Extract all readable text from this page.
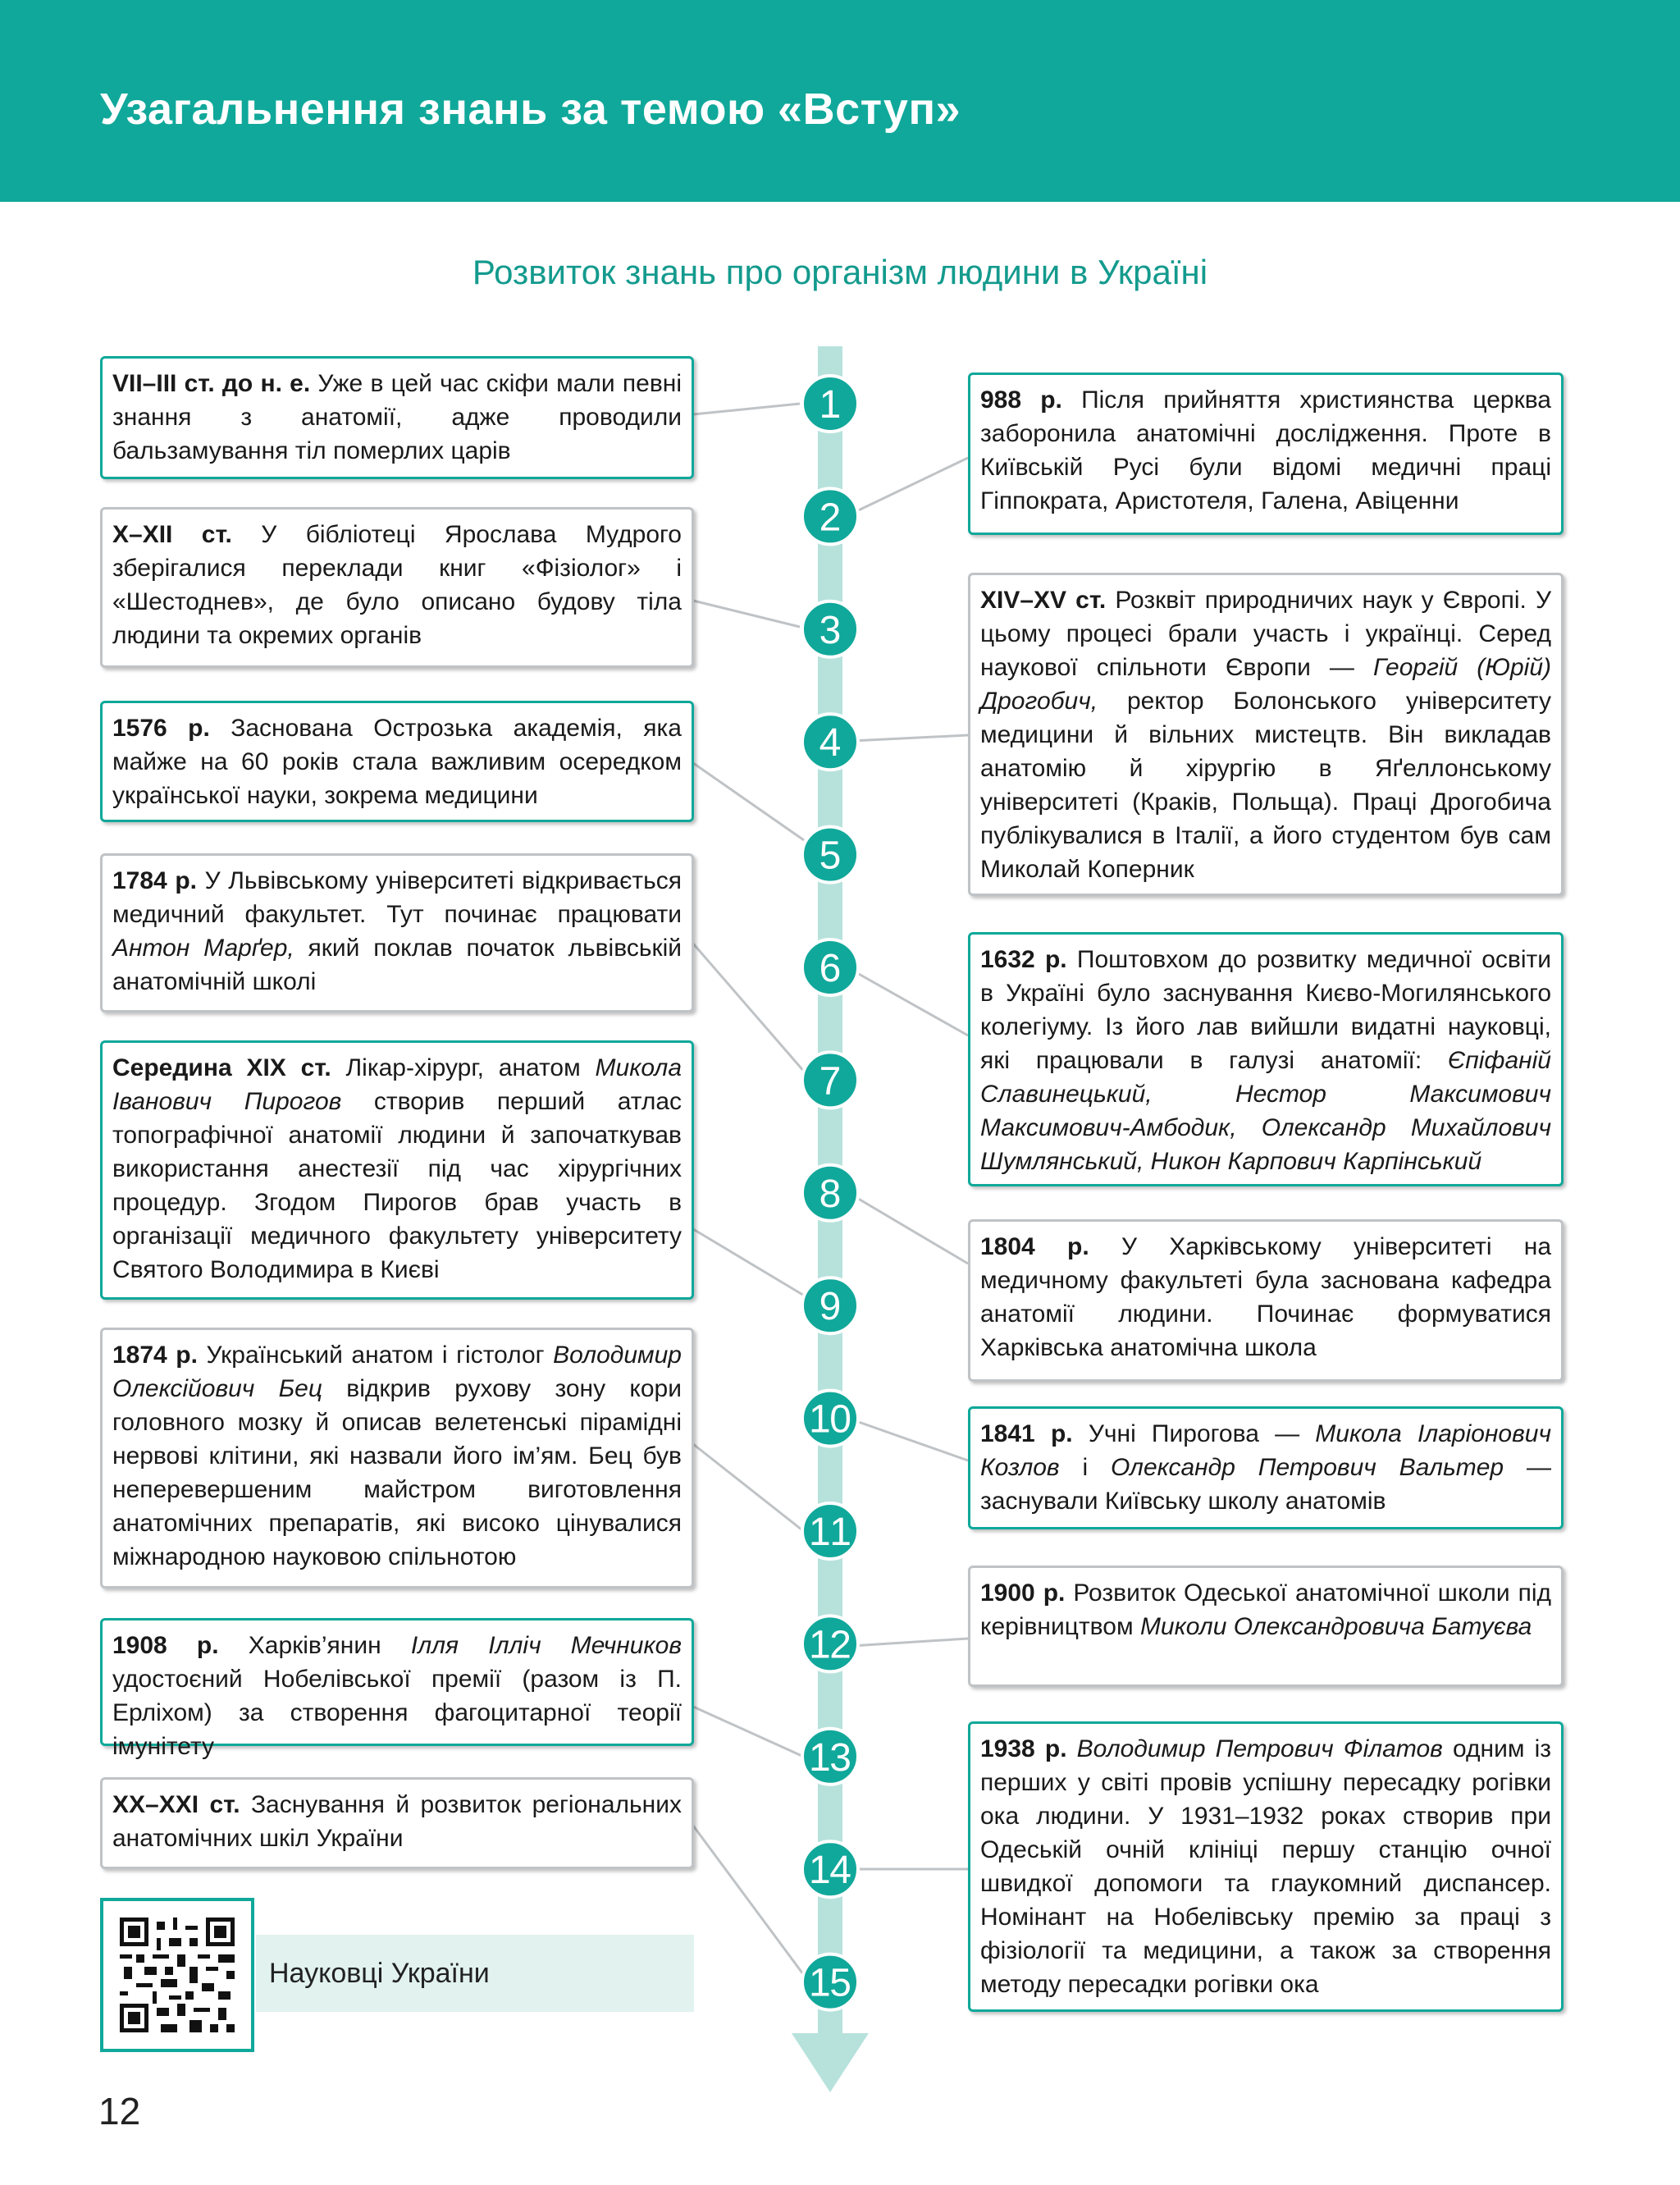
Узагальнення знань за темою «Вступ»
Розвиток знань про організм людини в Україні
1
2
3
4
5
6
7
8
9
10
11
12
13
14
15
VII–III ст. до н. е. Уже в цей час скіфи мали певні знання з анатомії, адже проводили бальзамування тіл померлих царів
X–XII ст. У бібліотеці Ярослава Мудрого зберігалися переклади книг «Фізіолог» і «Шестоднев», де було описано будову тіла людини та окремих органів
1576 р. Заснована Острозька академія, яка майже на 60 років стала важливим осередком української науки, зокрема медицини
1784 р. У Львівському університеті відкривається медичний факультет. Тут починає працювати Антон Марґер, який поклав початок львівській анатомічній школі
Середина XIX ст. Лікар-хірург, анатом Микола Іванович Пирогов створив перший атлас топографічної анатомії людини й започаткував використання анестезії під час хірургічних процедур. Згодом Пирогов брав участь в організації медичного факультету університету Святого Володимира в Києві
1874 р. Український анатом і гістолог Володимир Олексійович Бец відкрив рухову зону кори головного мозку й описав велетенські пірамідні нервові клітини, які назвали його ім’ям. Бец був неперевершеним майстром виготовлення анатомічних препаратів, які високо цінувалися міжнародною науковою спільнотою
1908 р. Харків’янин Ілля Ілліч Мечников удостоєний Нобелівської премії (разом із П. Ерліхом) за створення фагоцитарної теорії імунітету
XX–XXI ст. Заснування й розвиток регіональних анатомічних шкіл України
988 р. Після прийняття християнства церква заборонила анатомічні дослідження. Проте в Київській Русі були відомі медичні праці Гіппократа, Аристотеля, Галена, Авіценни
XIV–XV ст. Розквіт природничих наук у Європі. У цьому процесі брали участь і українці. Серед наукової спільноти Європи — Георгій (Юрій) Дрогобич, ректор Болонського університету медицини й вільних мистецтв. Він викладав анатомію й хірургію в Яґеллонському університеті (Краків, Польща). Праці Дрогобича публікувалися в Італії, а його студентом був сам Миколай Коперник
1632 р. Поштовхом до розвитку медичної освіти в Україні було заснування Києво-Могилянського колегіуму. Із його лав вийшли видатні науковці, які працювали в галузі анатомії: Єпіфаній Славинецький, Нестор Максимович Максимович-Амбодик, Олександр Михайлович Шумлянський, Никон Карпович Карпінський
1804 р. У Харківському університеті на медичному факультеті була заснована кафедра анатомії людини. Починає формуватися Харківська анатомічна школа
1841 р. Учні Пирогова — Микола Іларіонович Козлов і Олександр Петрович Вальтер — заснували Київську школу анатомів
1900 р. Розвиток Одеської анатомічної школи під керівництвом Миколи Олександровича Батуєва
1938 р. Володимир Петрович Філатов одним із перших у світі провів успішну пересадку рогівки ока людини. У 1931–1932 роках створив при Одеській очній клініці першу станцію очної швидкої допомоги та глаукомний диспансер. Номінант на Нобелівську премію за праці з фізіології та медицини, а також за створення методу пересадки рогівки ока
Науковці України
12
